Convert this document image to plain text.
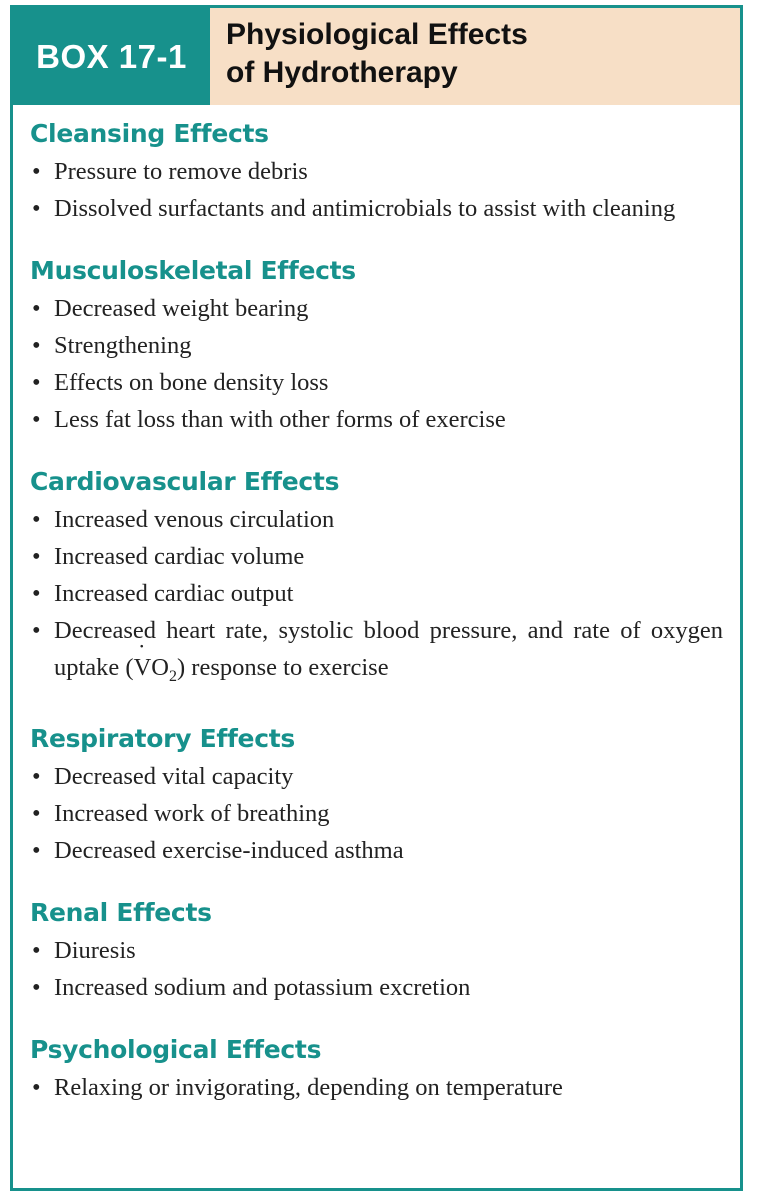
BOX 17-1
Physiological Effects
of Hydrotherapy
Cleansing Effects
• Pressure to remove debris
• Dissolved surfactants and antimicrobials to assist with cleaning
Musculoskeletal Effects
• Decreased weight bearing
• Strengthening
• Effects on bone density loss
• Less fat loss than with other forms of exercise
Cardiovascular Effects
• Increased venous circulation
• Increased cardiac volume
• Increased cardiac output
• Decreased heart rate, systolic blood pressure, and rate of oxygen uptake (V $˙O_2$) response to exercise
Respiratory Effects
• Decreased vital capacity
• Increased work of breathing
• Decreased exercise-induced asthma
Renal Effects
• Diuresis
• Increased sodium and potassium excretion
Psychological Effects
• Relaxing or invigorating, depending on temperature
